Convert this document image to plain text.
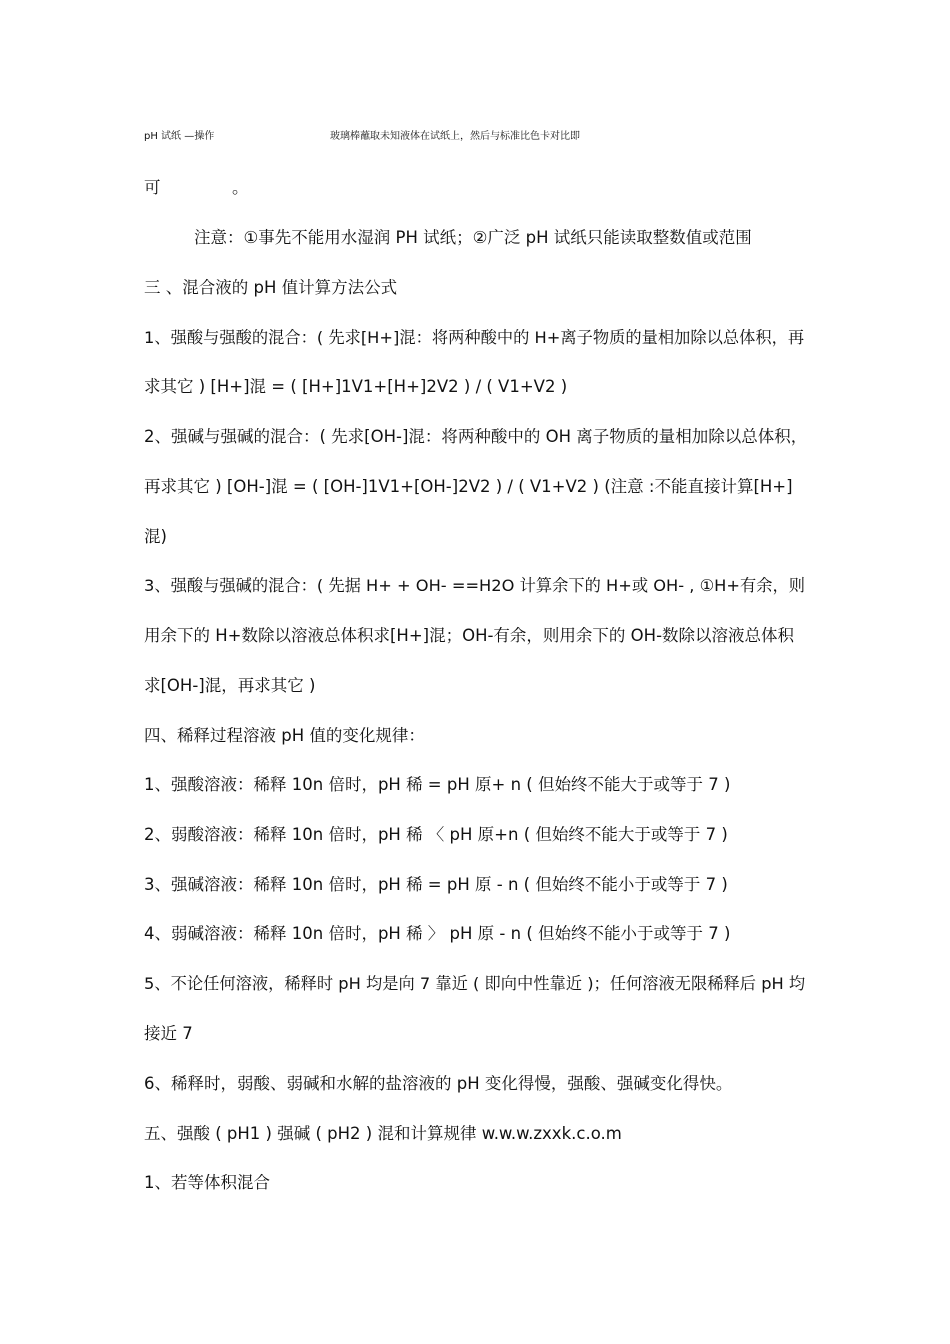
pH 试纸 —操作	玻璃棒蘸取未知液体在试纸上，然后与标准比色卡对比即

可	。

注意：①事先不能用水湿润 PH 试纸；②广泛 pH 试纸只能读取整数值或范围

三 、混合液的 pH 值计算方法公式

1、强酸与强酸的混合：( 先求[H+]混：将两种酸中的 H+离子物质的量相加除以总体积，再

求其它 ) [H+]混 = ( [H+]1V1+[H+]2V2 ) / ( V1+V2 )

2、强碱与强碱的混合：( 先求[OH-]混：将两种酸中的 OH 离子物质的量相加除以总体积，

再求其它 ) [OH-]混 = ( [OH-]1V1+[OH-]2V2 ) / ( V1+V2 ) (注意 :不能直接计算[H+]

混)

3、强酸与强碱的混合：( 先据 H+ + OH- ==H2O 计算余下的 H+或 OH- , ①H+有余，则

用余下的 H+数除以溶液总体积求[H+]混；OH-有余，则用余下的 OH-数除以溶液总体积

求[OH-]混，再求其它 )

四、稀释过程溶液 pH 值的变化规律：

1、强酸溶液：稀释 10n 倍时，pH 稀 = pH 原+ n ( 但始终不能大于或等于 7 )

2、弱酸溶液：稀释 10n 倍时，pH 稀 〈 pH 原+n ( 但始终不能大于或等于 7 )

3、强碱溶液：稀释 10n 倍时，pH 稀 = pH 原 - n ( 但始终不能小于或等于 7 )

4、弱碱溶液：稀释 10n 倍时，pH 稀 〉 pH 原 - n ( 但始终不能小于或等于 7 )

5、不论任何溶液，稀释时 pH 均是向 7 靠近 ( 即向中性靠近 )；任何溶液无限稀释后 pH 均

接近 7

6、稀释时，弱酸、弱碱和水解的盐溶液的 pH 变化得慢，强酸、强碱变化得快。

五、强酸 ( pH1 ) 强碱 ( pH2 ) 混和计算规律 w.w.w.zxxk.c.o.m

1、若等体积混合
